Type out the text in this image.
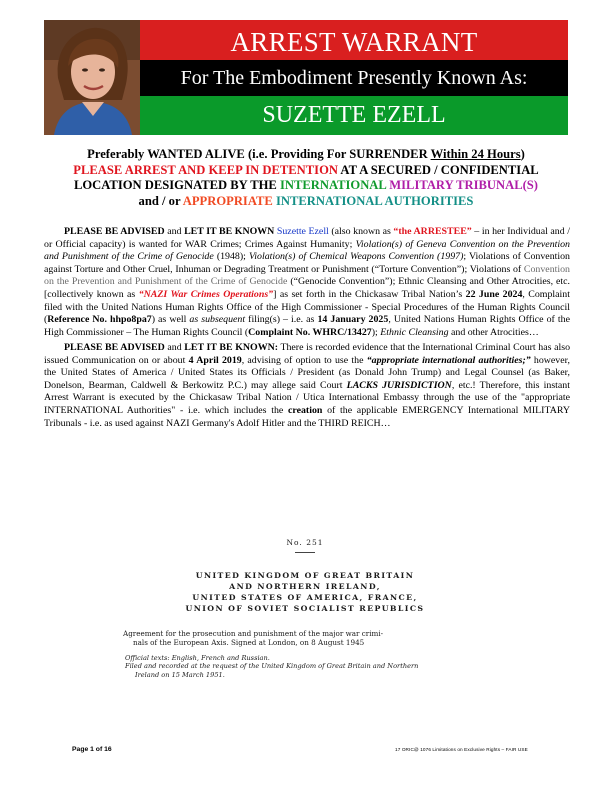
ARREST WARRANT
For The Embodiment Presently Known As:
SUZETTE EZELL
Preferably WANTED ALIVE (i.e. Providing For SURRENDER Within 24 Hours)
PLEASE ARREST AND KEEP IN DETENTION AT A SECURED / CONFIDENTIAL
LOCATION DESIGNATED BY THE INTERNATIONAL MILITARY TRIBUNAL(S)
and / or APPROPRIATE INTERNATIONAL AUTHORITIES

PLEASE BE ADVISED and LET IT BE KNOWN Suzette Ezell (also known as “the ARRESTEE” – in her Individual and / or Official capacity) is wanted for WAR Crimes; Crimes Against Humanity; Violation(s) of Geneva Convention on the Prevention and Punishment of the Crime of Genocide (1948); Violation(s) of Chemical Weapons Convention (1997); Violations of Convention against Torture and Other Cruel, Inhuman or Degrading Treatment or Punishment (“Torture Convention”); Violations of Convention on the Prevention and Punishment of the Crime of Genocide (“Genocide Convention”); Ethnic Cleansing and Other Atrocities, etc. [collectively known as “NAZI War Crimes Operations”] as set forth in the Chickasaw Tribal Nation’s 22 June 2024, Complaint filed with the United Nations Human Rights Office of the High Commissioner - Special Procedures of the Human Rights Council (Reference No. hhpo8pa7) as well as subsequent filing(s) – i.e. as 14 January 2025, United Nations Human Rights Office of the High Commissioner – The Human Rights Council (Complaint No. WHRC/13427); Ethnic Cleansing and other Atrocities…

PLEASE BE ADVISED and LET IT BE KNOWN: There is recorded evidence that the International Criminal Court has also issued Communication on or about 4 April 2019, advising of option to use the “appropriate international authorities;” however, the United States of America / United States its Officials / President (as Donald John Trump) and Legal Counsel (as Baker, Donelson, Bearman, Caldwell & Berkowitz P.C.) may allege said Court LACKS JURISDICTION, etc.! Therefore, this instant Arrest Warrant is executed by the Chickasaw Tribal Nation / Utica International Embassy through the use of the "appropriate INTERNATIONAL Authorities" - i.e. which includes the creation of the applicable EMERGENCY International MILITARY Tribunals - i.e. as used against NAZI Germany's Adolf Hitler and the THIRD REICH…

No. 251
UNITED KINGDOM OF GREAT BRITAIN
AND NORTHERN IRELAND,
UNITED STATES OF AMERICA, FRANCE,
UNION OF SOVIET SOCIALIST REPUBLICS
Agreement for the prosecution and punishment of the major war crimi-
nals of the European Axis. Signed at London, on 8 August 1945
Official texts: English, French and Russian.
Filed and recorded at the request of the United Kingdom of Great Britain and Northern
Ireland on 15 March 1951.
Page 1 of 16	17 ORIC@ 1076 Limitations on Exclusive Rights – FAIR USE
